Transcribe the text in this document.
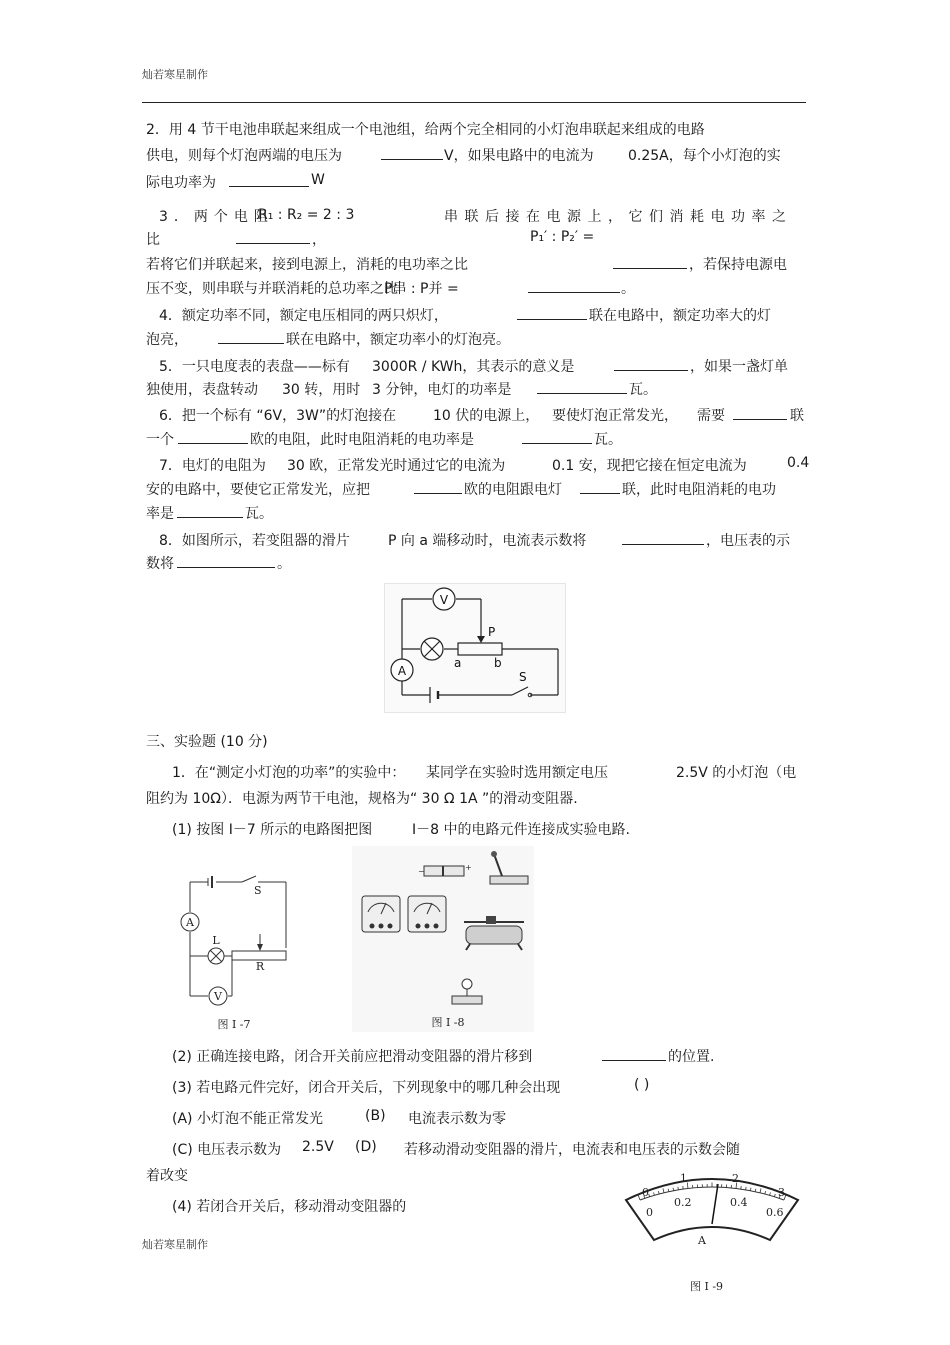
灿若寒星制作
2．用 4 节干电池串联起来组成一个电池组，给两个完全相同的小灯泡串联起来组成的电路
供电，则每个灯泡两端的电压为	V，如果电路中的电流为 0.25A，每个小灯泡的实
际电功率为	W
3．两个电阻
R₁ : R₂ = 2 : 3	串联后接在电源上，它们消耗电功率之
比	，	P₁′ : P₂′ =
若将它们并联起来，接到电源上，消耗的电功率之比	，若保持电源电
压不变，则串联与并联消耗的总功率之比
P串 : P并 =	。
4．额定功率不同，额定电压相同的两只炽灯，	联在电路中，额定功率大的灯
泡亮，	联在电路中，额定功率小的灯泡亮。
5．一只电度表的表盘——标有 3000R / KWh，其表示的意义是	，如果一盏灯单
独使用，表盘转动 30 转，用时 3 分钟，电灯的功率是	瓦。
6．把一个标有 “6V，3W”的灯泡接在	10 伏的电源上， 要使灯泡正常发光， 需要	联
一个	欧的电阻，此时电阻消耗的电功率是	瓦。
7．电灯的电阻为 30 欧，正常发光时通过它的电流为	0.1 安，现把它接在恒定电流为	0.4
安的电路中，要使它正常发光，应把	欧的电阻跟电灯	联，此时电阻消耗的电功
率是	瓦。
8．如图所示，若变阻器的滑片	P 向 a 端移动时，电流表示数将	，电压表的示
数将	。
V
A
P
a	b
S
三、实验题 (10 分)
1．在“测定小灯泡的功率”的实验中： 某同学在实验时选用额定电压	2.5V 的小灯泡（电
阻约为 10Ω）．电源为两节干电池，规格为“ 30 Ω 1A ”的滑动变阻器.
(1) 按图 I－7 所示的电路图把图	I－8 中的电路元件连接成实验电路.
S
A
L
R
V
图 I -7
−	+
图 I -8
(2) 正确连接电路，闭合开关前应把滑动变阻器的滑片移到	的位置.
(3) 若电路元件完好，闭合开关后，下列现象中的哪几种会出现	( )
(A) 小灯泡不能正常发光	(B) 电流表示数为零
(C) 电压表示数为 2.5V (D) 若移动滑动变阻器的滑片，电流表和电压表的示数会随
着改变
(4) 若闭合开关后，移动滑动变阻器的
0
1	2
3
0
0.2	0.4
0.6
A
图 I -9
灿若寒星制作
